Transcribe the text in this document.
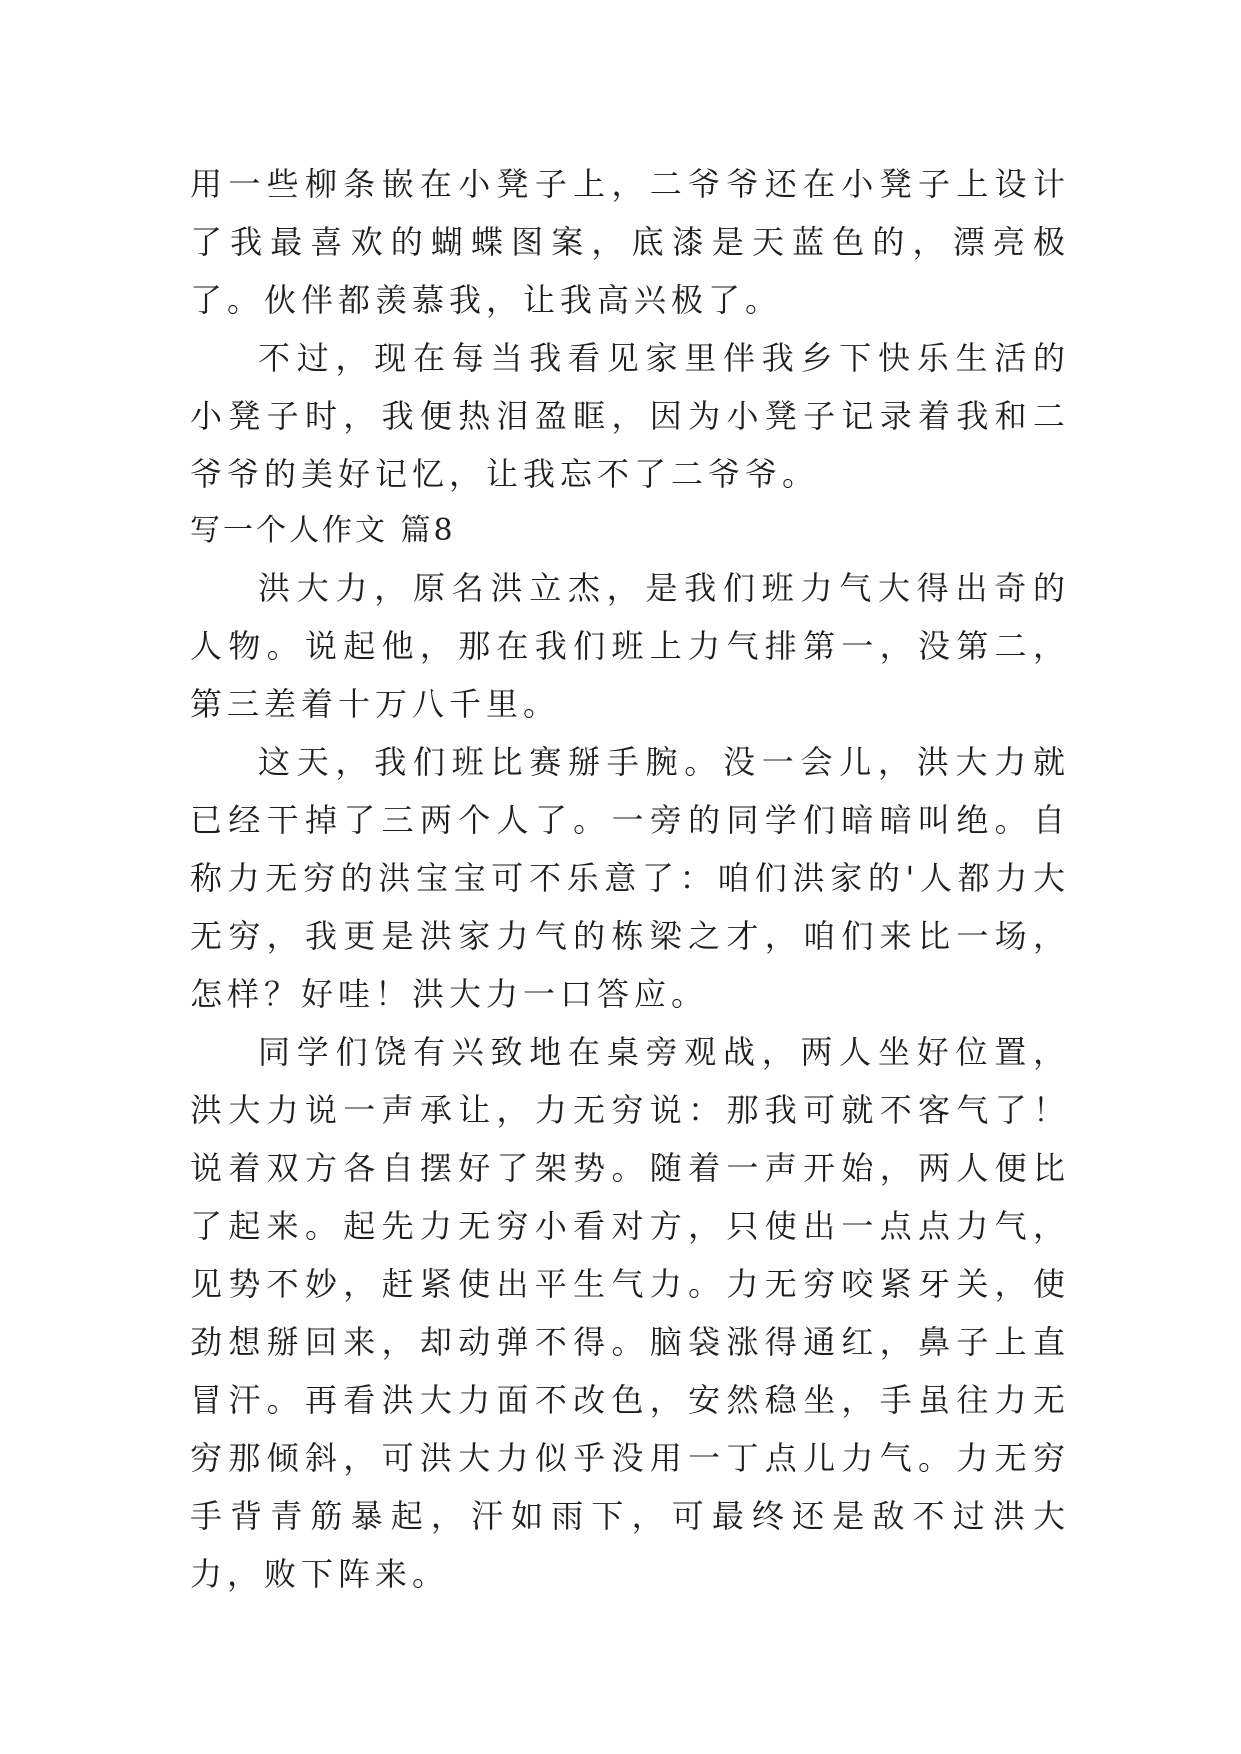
用一些柳条嵌在小凳子上，二爷爷还在小凳子上设计了我最喜欢的蝴蝶图案，底漆是天蓝色的，漂亮极了。伙伴都羡慕我，让我高兴极了。

不过，现在每当我看见家里伴我乡下快乐生活的小凳子时，我便热泪盈眶，因为小凳子记录着我和二爷爷的美好记忆，让我忘不了二爷爷。

写一个人作文 篇8

洪大力，原名洪立杰，是我们班力气大得出奇的人物。说起他，那在我们班上力气排第一，没第二，第三差着十万八千里。

这天，我们班比赛掰手腕。没一会儿，洪大力就已经干掉了三两个人了。一旁的同学们暗暗叫绝。自称力无穷的洪宝宝可不乐意了：咱们洪家的'人都力大无穷，我更是洪家力气的栋梁之才，咱们来比一场，怎样？好哇！洪大力一口答应。

同学们饶有兴致地在桌旁观战，两人坐好位置，洪大力说一声承让，力无穷说：那我可就不客气了！说着双方各自摆好了架势。随着一声开始，两人便比了起来。起先力无穷小看对方，只使出一点点力气，见势不妙，赶紧使出平生气力。力无穷咬紧牙关，使劲想掰回来，却动弹不得。脑袋涨得通红，鼻子上直冒汗。再看洪大力面不改色，安然稳坐，手虽往力无穷那倾斜，可洪大力似乎没用一丁点儿力气。力无穷手背青筋暴起，汗如雨下，可最终还是敌不过洪大力，败下阵来。
